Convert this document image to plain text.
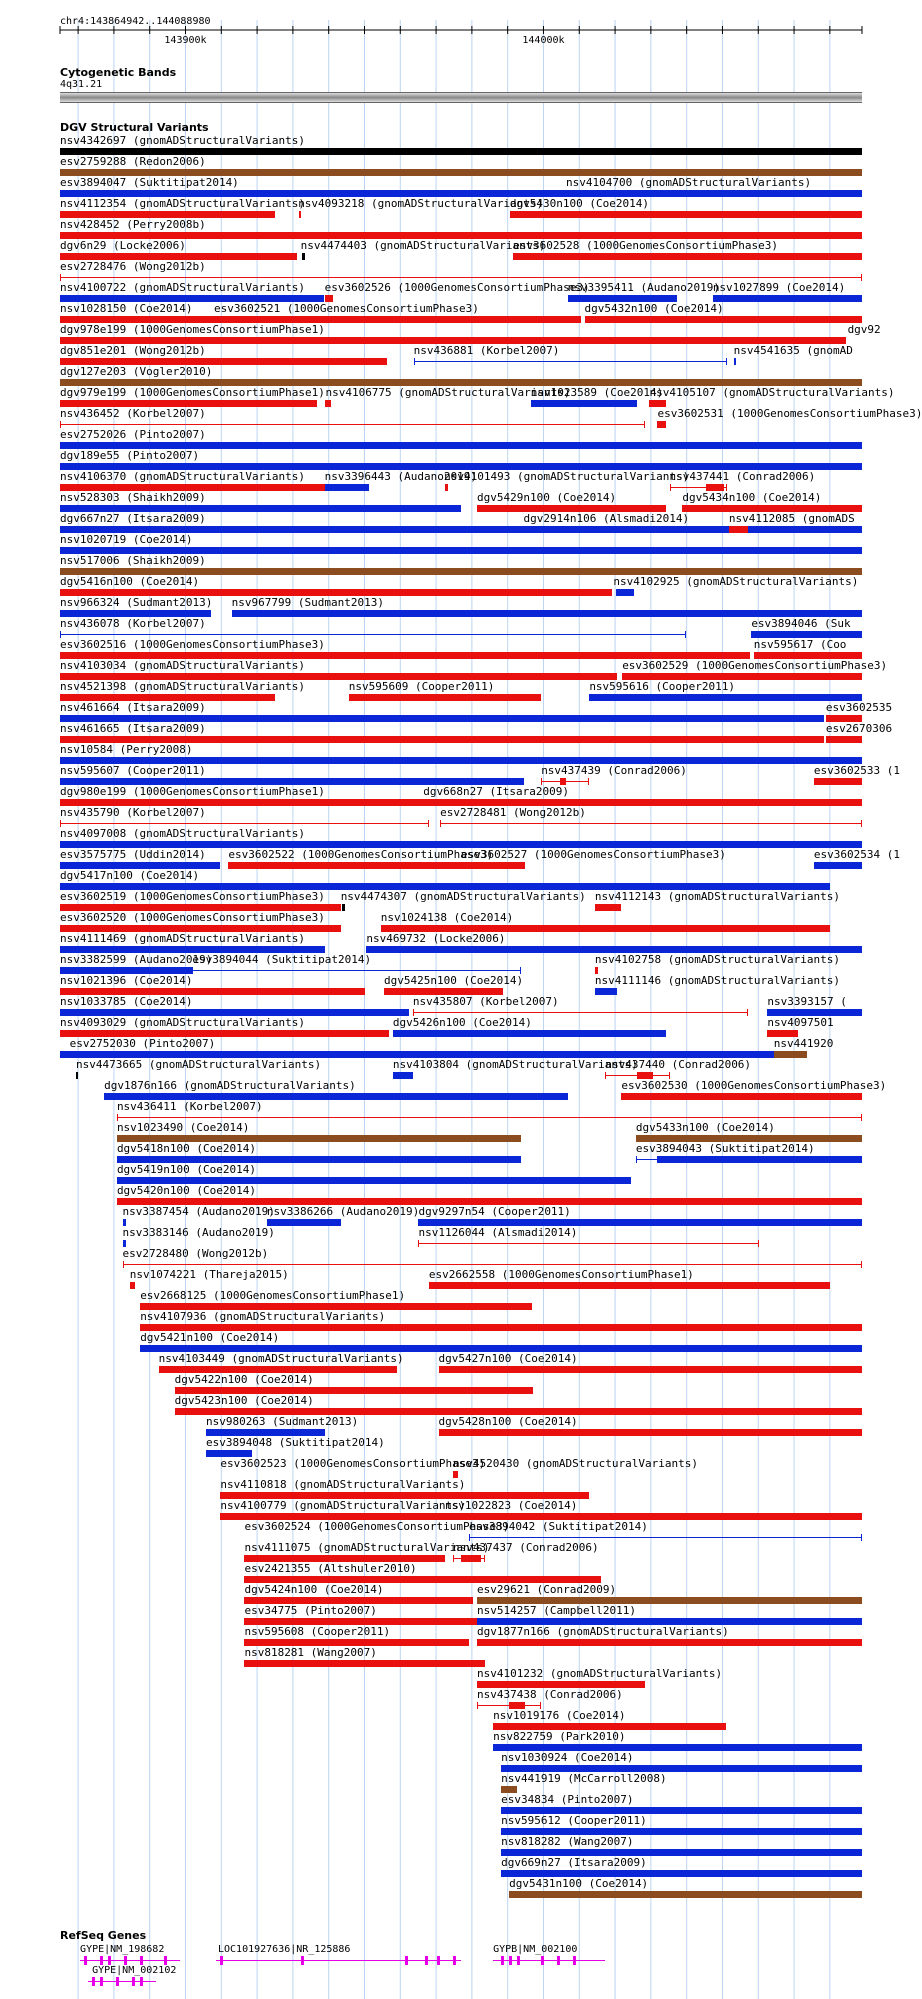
chr4:143864942..144088980
143900k	144000k
Cytogenetic Bands
4q31.21
DGV Structural Variants
nsv4342697 (gnomADStructuralVariants)
esv2759288 (Redon2006)
esv3894047 (Suktitipat2014)	nsv4104700 (gnomADStructuralVariants)
nsv4112354 (gnomADStructuralVariants)
nsv4093218 (gnomADStructuralVariants)
dgv5430n100 (Coe2014)
nsv428452 (Perry2008b)
dgv6n29 (Locke2006)	nsv4474403 (gnomADStructuralVariants)
esv3602528 (1000GenomesConsortiumPhase3)
esv2728476 (Wong2012b)
nsv4100722 (gnomADStructuralVariants) esv3602526 (1000GenomesConsortiumPhase3)
nsv3395411 (Audano2019)
nsv1027899 (Coe2014)
nsv1028150 (Coe2014) esv3602521 (1000GenomesConsortiumPhase3)	dgv5432n100 (Coe2014)
dgv978e199 (1000GenomesConsortiumPhase1)	dgv92
dgv851e201 (Wong2012b)	nsv436881 (Korbel2007)	nsv4541635 (gnomAD
dgv127e203 (Vogler2010)
dgv979e199 (1000GenomesConsortiumPhase1) nsv4106775 (gnomADStructuralVariants)
nsv1023589 (Coe2014)
nsv4105107 (gnomADStructuralVariants)
nsv436452 (Korbel2007)	esv3602531 (1000GenomesConsortiumPhase3)
esv2752026 (Pinto2007)
dgv189e55 (Pinto2007)
nsv4106370 (gnomADStructuralVariants) nsv3396443 (Audano2019)
nsv4101493 (gnomADStructuralVariants)
nsv437441 (Conrad2006)
nsv528303 (Shaikh2009)	dgv5429n100 (Coe2014)	dgv5434n100 (Coe2014)
dgv667n27 (Itsara2009)	dgv2914n106 (Alsmadi2014)	nsv4112085 (gnomADS
nsv1020719 (Coe2014)
nsv517006 (Shaikh2009)
dgv5416n100 (Coe2014)	nsv4102925 (gnomADStructuralVariants)
nsv966324 (Sudmant2013) nsv967799 (Sudmant2013)
nsv436078 (Korbel2007)	esv3894046 (Suk
esv3602516 (1000GenomesConsortiumPhase3)	nsv595617 (Coo
nsv4103034 (gnomADStructuralVariants)	esv3602529 (1000GenomesConsortiumPhase3)
nsv4521398 (gnomADStructuralVariants)	nsv595609 (Cooper2011)	nsv595616 (Cooper2011)
nsv461664 (Itsara2009)	esv3602535
nsv461665 (Itsara2009)	esv2670306
nsv10584 (Perry2008)
nsv595607 (Cooper2011)	nsv437439 (Conrad2006)	esv3602533 (1
dgv980e199 (1000GenomesConsortiumPhase1)	dgv668n27 (Itsara2009)
nsv435790 (Korbel2007)	esv2728481 (Wong2012b)
nsv4097008 (gnomADStructuralVariants)
esv3575775 (Uddin2014) esv3602522 (1000GenomesConsortiumPhase3)
esv3602527 (1000GenomesConsortiumPhase3)	esv3602534 (1
dgv5417n100 (Coe2014)
esv3602519 (1000GenomesConsortiumPhase3) nsv4474307 (gnomADStructuralVariants) nsv4112143 (gnomADStructuralVariants)
esv3602520 (1000GenomesConsortiumPhase3)	nsv1024138 (Coe2014)
nsv4111469 (gnomADStructuralVariants)	nsv469732 (Locke2006)
nsv3382599 (Audano2019)
esv3894044 (Suktitipat2014)	nsv4102758 (gnomADStructuralVariants)
nsv1021396 (Coe2014)	dgv5425n100 (Coe2014)	nsv4111146 (gnomADStructuralVariants)
nsv1033785 (Coe2014)	nsv435807 (Korbel2007)	nsv3393157 (
nsv4093029 (gnomADStructuralVariants)	dgv5426n100 (Coe2014)	nsv4097501
esv2752030 (Pinto2007)	nsv441920
nsv4473665 (gnomADStructuralVariants)	nsv4103804 (gnomADStructuralVariants)
nsv437440 (Conrad2006)
dgv1876n166 (gnomADStructuralVariants)	esv3602530 (1000GenomesConsortiumPhase3)
nsv436411 (Korbel2007)
nsv1023490 (Coe2014)	dgv5433n100 (Coe2014)
dgv5418n100 (Coe2014)	esv3894043 (Suktitipat2014)
dgv5419n100 (Coe2014)
dgv5420n100 (Coe2014)
nsv3387454 (Audano2019)
nsv3386266 (Audano2019) dgv9297n54 (Cooper2011)
nsv3383146 (Audano2019)	nsv1126044 (Alsmadi2014)
esv2728480 (Wong2012b)
nsv1074221 (Thareja2015)	esv2662558 (1000GenomesConsortiumPhase1)
esv2668125 (1000GenomesConsortiumPhase1)
nsv4107936 (gnomADStructuralVariants)
dgv5421n100 (Coe2014)
nsv4103449 (gnomADStructuralVariants)	dgv5427n100 (Coe2014)
dgv5422n100 (Coe2014)
dgv5423n100 (Coe2014)
nsv980263 (Sudmant2013)	dgv5428n100 (Coe2014)
esv3894048 (Suktitipat2014)
esv3602523 (1000GenomesConsortiumPhase3)
nsv4520430 (gnomADStructuralVariants)
nsv4110818 (gnomADStructuralVariants)
nsv4100779 (gnomADStructuralVariants)
nsv1022823 (Coe2014)
esv3602524 (1000GenomesConsortiumPhase3)
esv3894042 (Suktitipat2014)
nsv4111075 (gnomADStructuralVariants)
nsv437437 (Conrad2006)
esv2421355 (Altshuler2010)
dgv5424n100 (Coe2014)	esv29621 (Conrad2009)
esv34775 (Pinto2007)	nsv514257 (Campbell2011)
nsv595608 (Cooper2011)	dgv1877n166 (gnomADStructuralVariants)
nsv818281 (Wang2007)
nsv4101232 (gnomADStructuralVariants)
nsv437438 (Conrad2006)
nsv1019176 (Coe2014)
nsv822759 (Park2010)
nsv1030924 (Coe2014)
nsv441919 (McCarroll2008)
esv34834 (Pinto2007)
nsv595612 (Cooper2011)
nsv818282 (Wang2007)
dgv669n27 (Itsara2009)
dgv5431n100 (Coe2014)
RefSeq Genes
GYPE|NM_198682
GYPE|NM_002102
LOC101927636|NR_125886	GYPB|NM_002100
